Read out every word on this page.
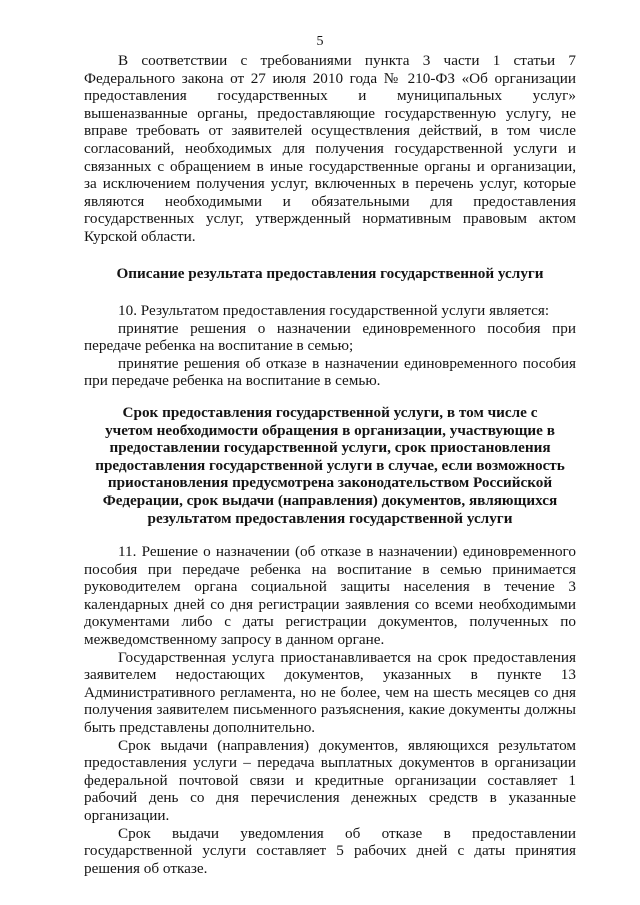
5
В соответствии с требованиями пункта 3 части 1 статьи 7
Федерального закона от 27 июля 2010 года № 210-ФЗ «Об организации
предоставления государственных и муниципальных услуг»
вышеназванные органы, предоставляющие государственную услугу, не
вправе требовать от заявителей осуществления действий, в том числе
согласований, необходимых для получения государственной услуги и
связанных с обращением в иные государственные органы и организации,
за исключением получения услуг, включенных в перечень услуг, которые
являются необходимыми и обязательными для предоставления
государственных услуг, утвержденный нормативным правовым актом
Курской области.
Описание результата предоставления государственной услуги

10. Результатом предоставления государственной услуги является:

принятие решения о назначении единовременного пособия при передаче ребенка на воспитание в семью;

принятие решения об отказе в назначении единовременного пособия при передаче ребенка на воспитание в семью.

Срок предоставления государственной услуги, в том числе с
учетом необходимости обращения в организации, участвующие в
предоставлении государственной услуги, срок приостановления
предоставления государственной услуги в случае, если возможность
приостановления предусмотрена законодательством Российской
Федерации, срок выдачи (направления) документов, являющихся
результатом предоставления государственной услуги

11. Решение о назначении (об отказе в назначении) единовременного пособия при передаче ребенка на воспитание в семью принимается руководителем органа социальной защиты населения в течение 3 календарных дней со дня регистрации заявления со всеми необходимыми документами либо с даты регистрации документов, полученных по межведомственному запросу в данном органе.

Государственная услуга приостанавливается на срок предоставления заявителем недостающих документов, указанных в пункте 13 Административного регламента, но не более, чем на шесть месяцев со дня получения заявителем письменного разъяснения, какие документы должны быть представлены дополнительно.

Срок выдачи (направления) документов, являющихся результатом предоставления услуги – передача выплатных документов в организации федеральной почтовой связи и кредитные организации составляет 1 рабочий день со дня перечисления денежных средств в указанные организации.

Срок выдачи уведомления об отказе в предоставлении государственной услуги составляет 5 рабочих дней с даты принятия решения об отказе.
